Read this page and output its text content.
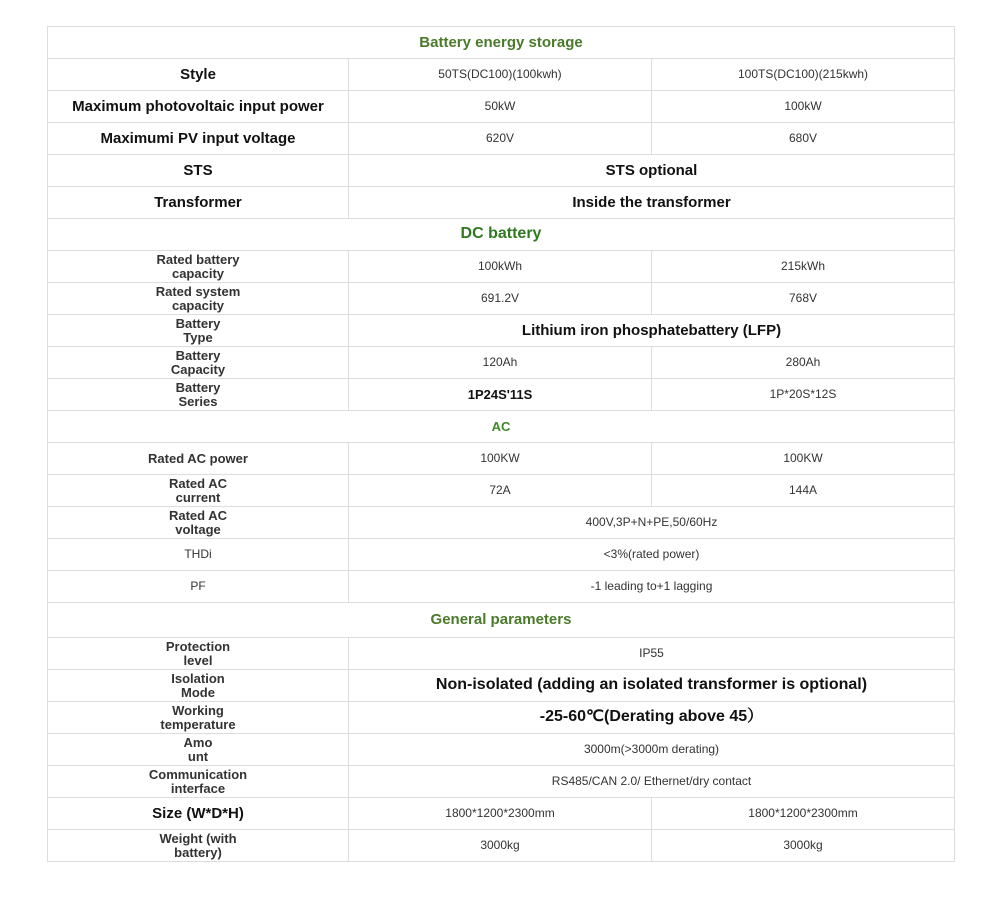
Battery energy storage		
Style	50TS(DC100)(100kwh)	100TS(DC100)(215kwh)
Maximum photovoltaic input power	50kW	100kW
Maximumi PV input voltage	620V	680V
STS	STS optional	
Transformer	Inside the transformer	
DC battery		

Rated battery capacity	100kWh	215kWh

Rated system capacity	691.2V	768V

Battery Type	Lithium iron phosphatebattery (LFP)	

Battery Capacity	120Ah	280Ah

Battery Series	1P24S'11S	1P*20S*12S
AC		
Rated AC power	100KW	100KW

Rated AC current	72A	144A

Rated AC voltage	400V,3P+N+PE,50/60Hz	
THDi	<3%(rated power)	
PF	-1 leading to+1 lagging	
General parameters		

Protection level	IP55	

Isolation Mode	Non-isolated (adding an isolated transformer is optional)	

Working temperature	-25-60℃(Derating above 45）	

Amo unt	3000m(>3000m derating)	

Communication interface	RS485/CAN 2.0/ Ethernet/dry contact	
Size (W*D*H)	1800*1200*2300mm	1800*1200*2300mm

Weight (with battery)	3000kg	3000kg
